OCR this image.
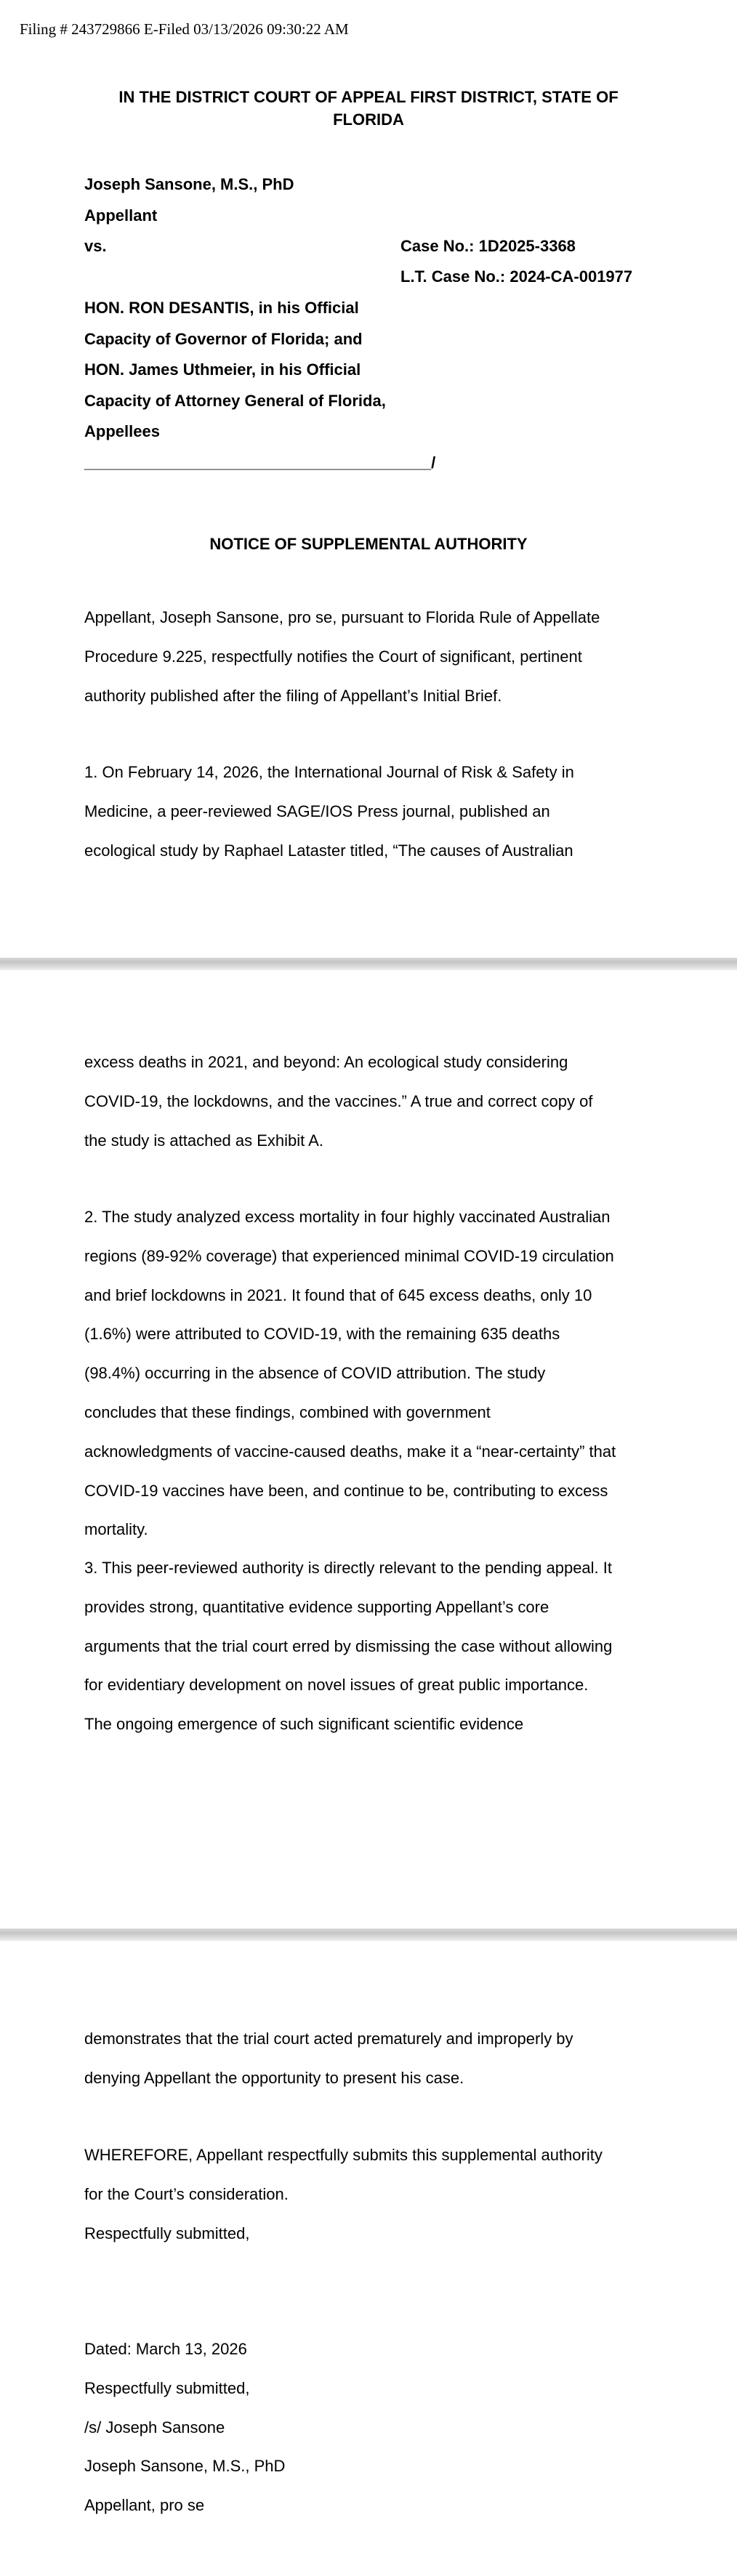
Filing # 243729866 E-Filed 03/13/2026 09:30:22 AM
IN THE DISTRICT COURT OF APPEAL FIRST DISTRICT, STATE OF
FLORIDA
Joseph Sansone, M.S., PhD
Appellant
vs.

HON. RON DESANTIS, in his Official
Capacity of Governor of Florida; and
HON. James Uthmeier, in his Official
Capacity of Attorney General of Florida,
Appellees
_______________________________________/
Case No.: 1D2025-3368
L.T. Case No.: 2024-CA-001977
NOTICE OF SUPPLEMENTAL AUTHORITY
Appellant, Joseph Sansone, pro se, pursuant to Florida Rule of Appellate
Procedure 9.225, respectfully notifies the Court of significant, pertinent
authority published after the filing of Appellant’s Initial Brief.
1. On February 14, 2026, the International Journal of Risk & Safety in
Medicine, a peer-reviewed SAGE/IOS Press journal, published an
ecological study by Raphael Lataster titled, “The causes of Australian
excess deaths in 2021, and beyond: An ecological study considering
COVID-19, the lockdowns, and the vaccines.” A true and correct copy of
the study is attached as Exhibit A.
2. The study analyzed excess mortality in four highly vaccinated Australian
regions (89-92% coverage) that experienced minimal COVID-19 circulation
and brief lockdowns in 2021. It found that of 645 excess deaths, only 10
(1.6%) were attributed to COVID-19, with the remaining 635 deaths
(98.4%) occurring in the absence of COVID attribution. The study
concludes that these findings, combined with government
acknowledgments of vaccine-caused deaths, make it a “near-certainty” that
COVID-19 vaccines have been, and continue to be, contributing to excess
mortality.
3. This peer-reviewed authority is directly relevant to the pending appeal. It
provides strong, quantitative evidence supporting Appellant’s core
arguments that the trial court erred by dismissing the case without allowing
for evidentiary development on novel issues of great public importance.
The ongoing emergence of such significant scientific evidence
demonstrates that the trial court acted prematurely and improperly by
denying Appellant the opportunity to present his case.
WHEREFORE, Appellant respectfully submits this supplemental authority
for the Court’s consideration.
Respectfully submitted,
Dated: March 13, 2026
Respectfully submitted,
/s/ Joseph Sansone
Joseph Sansone, M.S., PhD
Appellant, pro se
